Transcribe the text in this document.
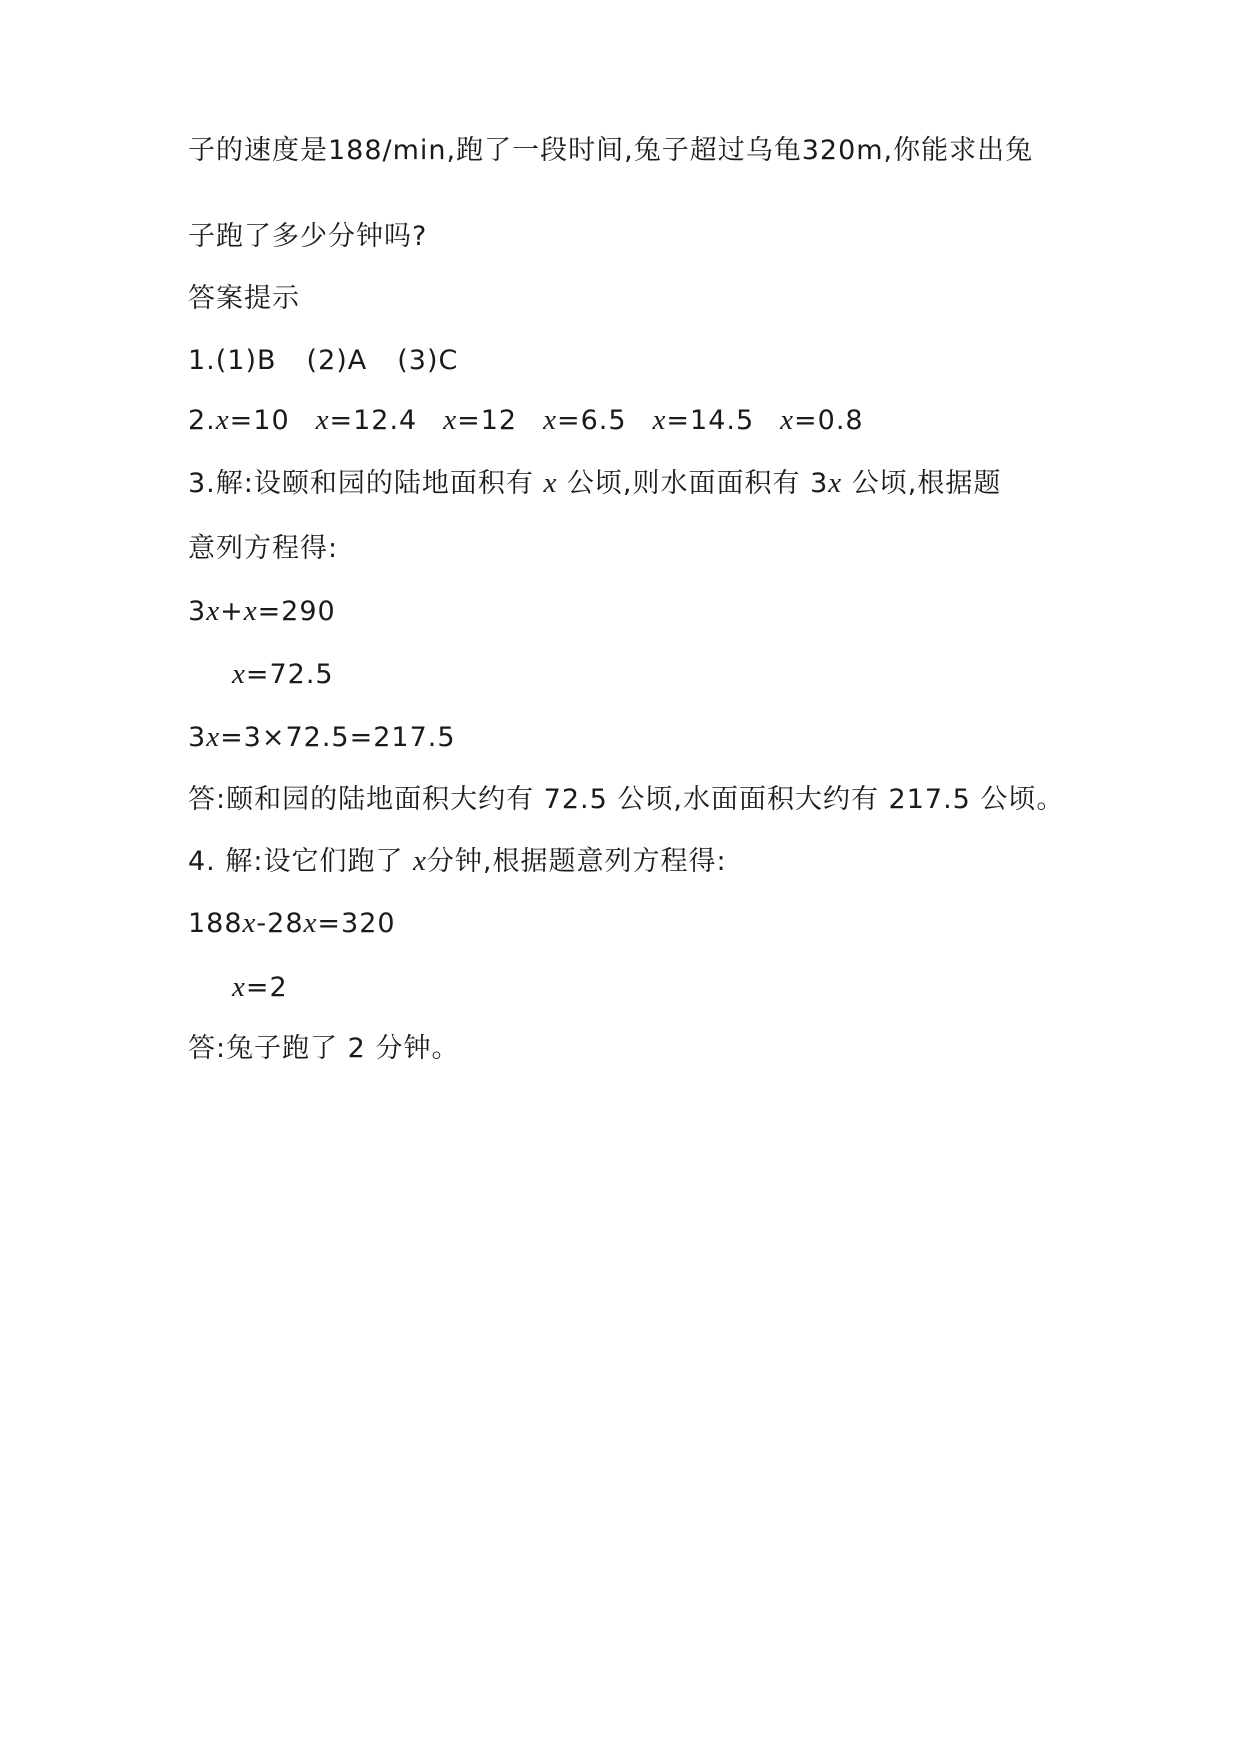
子的速度是188/min,跑了一段时间,兔子超过乌龟320m,你能求出兔
子跑了多少分钟吗?
答案提示
1.(1)B (2)A (3)C
2.x=10 x=12.4 x=12 x=6.5 x=14.5 x=0.8
3.解:设颐和园的陆地面积有 x 公顷,则水面面积有 3x 公顷,根据题
意列方程得:
3x+x=290
x=72.5
3x=3×72.5=217.5
答:颐和园的陆地面积大约有 72.5 公顷,水面面积大约有 217.5 公顷。
4. 解:设它们跑了 x分钟,根据题意列方程得:
188x-28x=320
x=2
答:兔子跑了 2 分钟。
